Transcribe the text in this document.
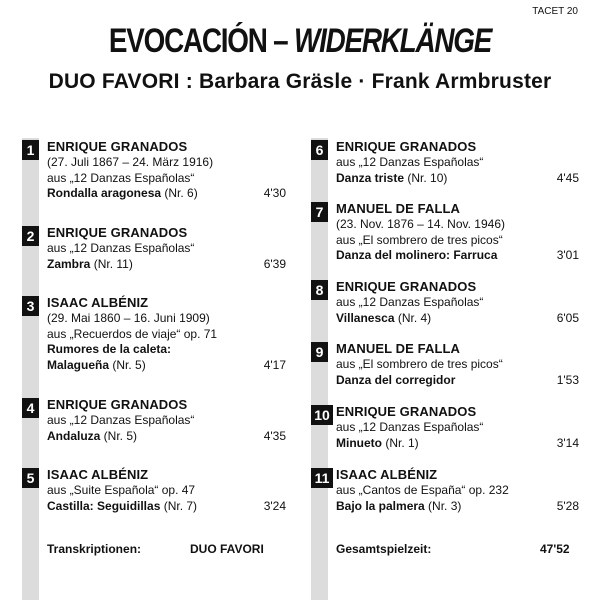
TACET 20
EVOCACIÓN – WIDERKLÄNGE
DUO FAVORI : Barbara Gräsle · Frank Armbruster
1 ENRIQUE GRANADOS
(27. Juli 1867 – 24. März 1916)
aus „12 Danzas Españolas“
Rondalla aragonesa (Nr. 6)	4'30
2 ENRIQUE GRANADOS
aus „12 Danzas Españolas“
Zambra (Nr. 11)	6'39
3 ISAAC ALBÉNIZ
(29. Mai 1860 – 16. Juni 1909)
aus „Recuerdos de viaje“ op. 71
Rumores de la caleta:
Malagueña (Nr. 5)	4'17
4 ENRIQUE GRANADOS
aus „12 Danzas Españolas“
Andaluza (Nr. 5)	4'35
5 ISAAC ALBÉNIZ
aus „Suite Española“ op. 47
Castilla: Seguidillas (Nr. 7)	3'24
Transkriptionen:	DUO FAVORI
6 ENRIQUE GRANADOS
aus „12 Danzas Españolas“
Danza triste (Nr. 10)	4'45
7 MANUEL DE FALLA
(23. Nov. 1876 – 14. Nov. 1946)
aus „El sombrero de tres picos“
Danza del molinero: Farruca	3'01
8 ENRIQUE GRANADOS
aus „12 Danzas Españolas“
Villanesca (Nr. 4)	6'05
9 MANUEL DE FALLA
aus „El sombrero de tres picos“
Danza del corregidor	1'53
10 ENRIQUE GRANADOS
aus „12 Danzas Españolas“
Minueto (Nr. 1)	3'14
11 ISAAC ALBÉNIZ
aus „Cantos de España“ op. 232
Bajo la palmera (Nr. 3)	5'28
Gesamtspielzeit:	47'52
